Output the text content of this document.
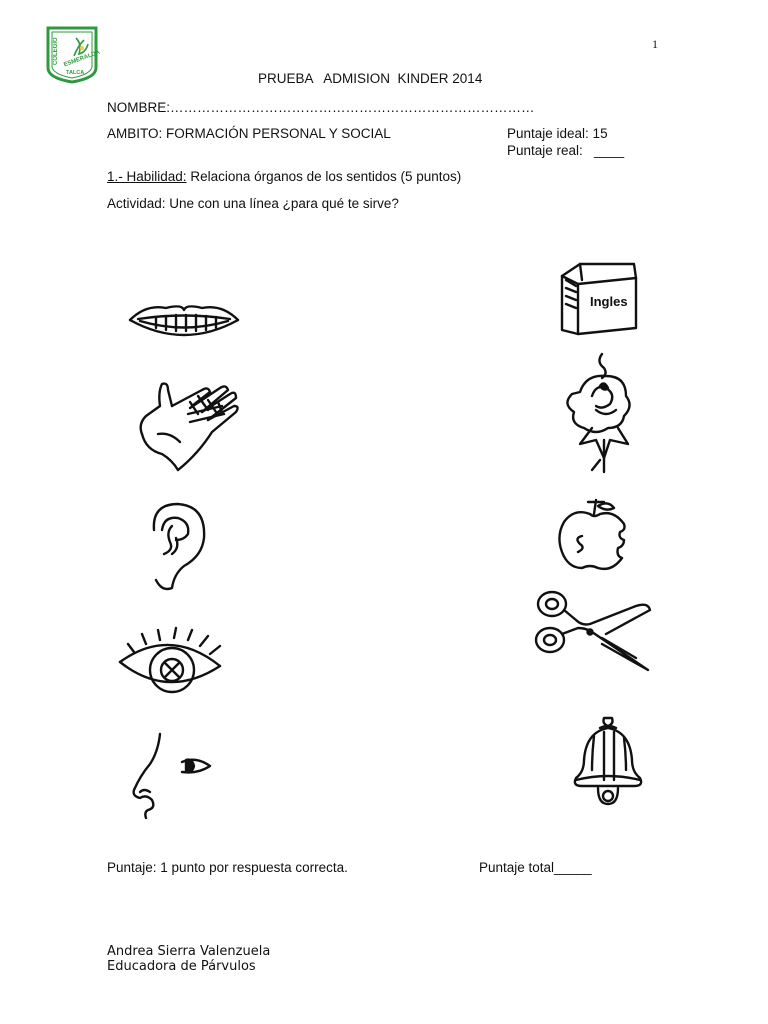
1
COLEGIO ESMERALDA
TALCA	PRUEBA   ADMISION  KINDER 2014
NOMBRE:………………………………………………………………………
AMBITO: FORMACIÓN PERSONAL Y SOCIAL	Puntaje ideal: 15
Puntaje real:   ____
1.- Habilidad: Relaciona órganos de los sentidos (5 puntos)
Actividad: Une con una línea ¿para qué te sirve?
Ingles
Puntaje: 1 punto por respuesta correcta.	Puntaje total_____
Andrea Sierra Valenzuela
Educadora de Párvulos
